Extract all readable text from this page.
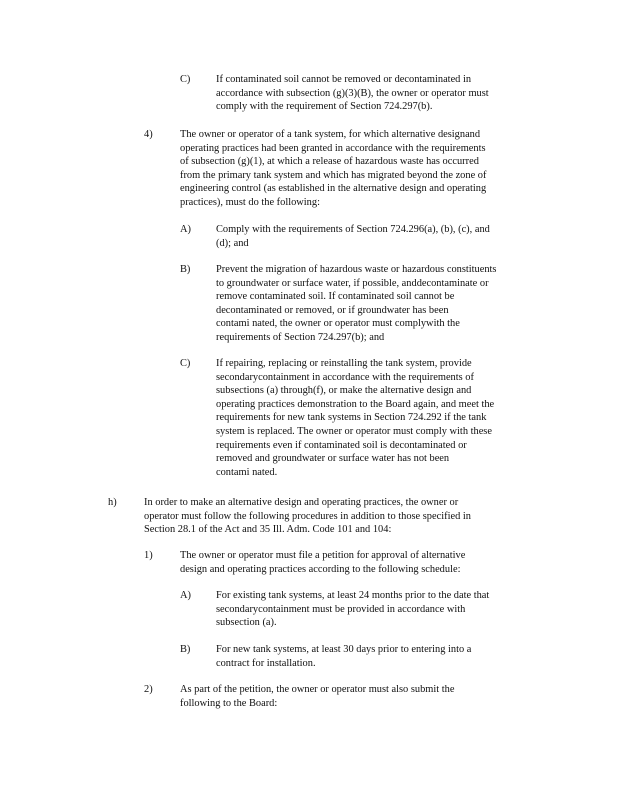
C) If contaminated soil cannot be removed or decontaminated in
accordance with subsection (g)(3)(B), the owner or operator must
comply with the requirement of Section 724.297(b).
4)	The owner or operator of a tank system, for which alternative designand
operating practices had been granted in accordance with the requirements
of subsection (g)(1), at which a release of hazardous waste has occurred
from the primary tank system and which has migrated beyond the zone of
engineering control (as established in the alternative design and operating
practices), must do the following:
A) Comply with the requirements of Section 724.296(a), (b), (c), and
(d); and
B) Prevent the migration of hazardous waste or hazardous constituents
to groundwater or surface water, if possible, anddecontaminate or
remove contaminated soil. If contaminated soil cannot be
decontaminated or removed, or if groundwater has been
contami nated, the owner or operator must complywith the
requirements of Section 724.297(b); and
C) If repairing, replacing or reinstalling the tank system, provide
secondarycontainment in accordance with the requirements of
subsections (a) through(f), or make the alternative design and
operating practices demonstration to the Board again, and meet the
requirements for new tank systems in Section 724.292 if the tank
system is replaced. The owner or operator must comply with these
requirements even if contaminated soil is decontaminated or
removed and groundwater or surface water has not been
contami nated.
h)	In order to make an alternative design and operating practices, the owner or
operator must follow the following procedures in addition to those specified in
Section 28.1 of the Act and 35 Ill. Adm. Code 101 and 104:
1)	The owner or operator must file a petition for approval of alternative
design and operating practices according to the following schedule:
A) For existing tank systems, at least 24 months prior to the date that
secondarycontainment must be provided in accordance with
subsection (a).
B) For new tank systems, at least 30 days prior to entering into a
contract for installation.
2)	As part of the petition, the owner or operator must also submit the
following to the Board:
